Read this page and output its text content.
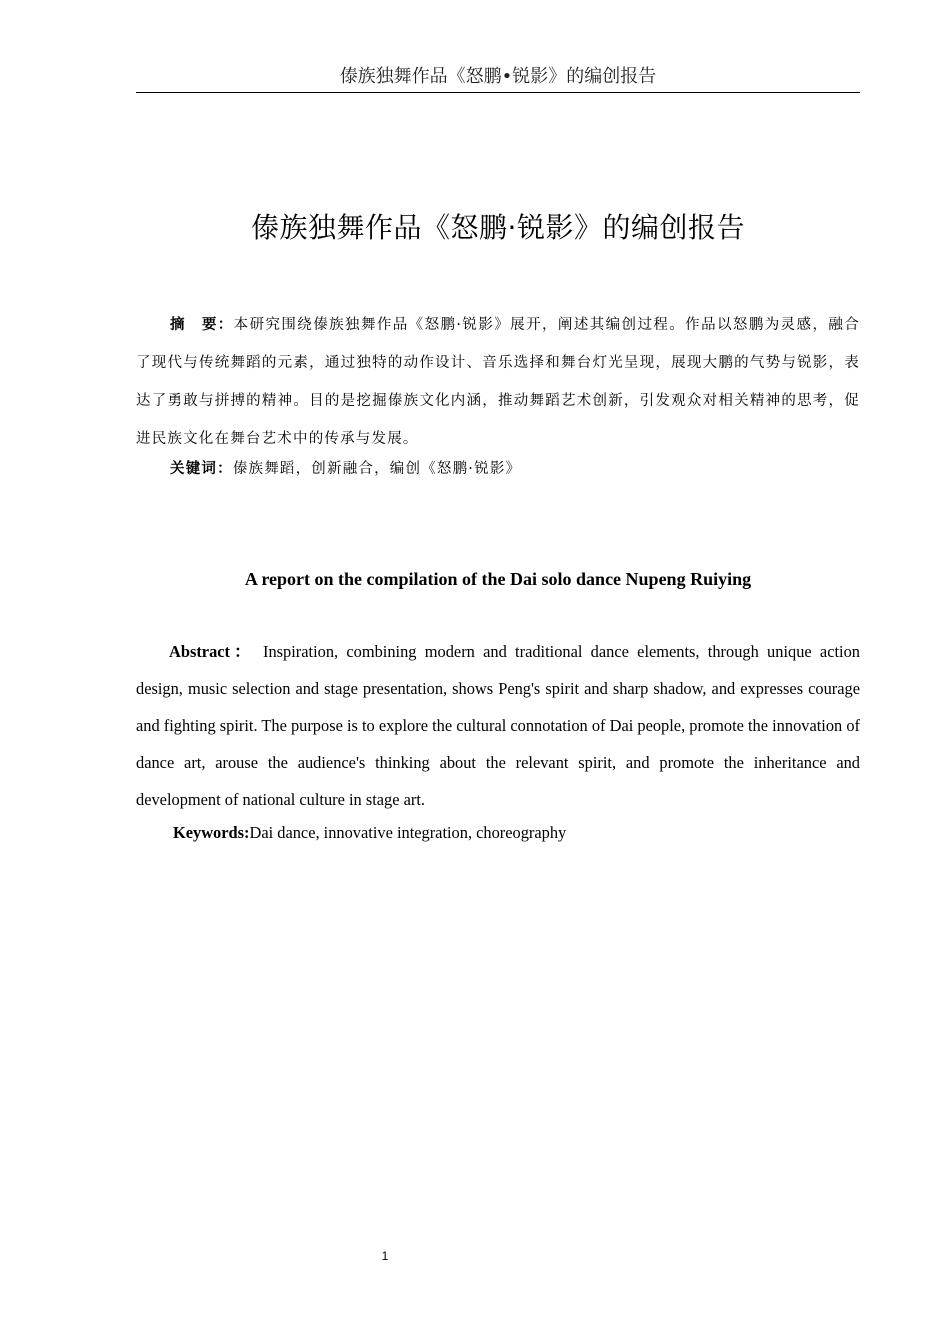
傣族独舞作品《怒鹏•锐影》的编创报告
傣族独舞作品《怒鹏·锐影》的编创报告

摘　要：本研究围绕傣族独舞作品《怒鹏·锐影》展开，阐述其编创过程。作品以怒鹏为灵感，融合了现代与传统舞蹈的元素，通过独特的动作设计、音乐选择和舞台灯光呈现，展现大鹏的气势与锐影，表达了勇敢与拼搏的精神。目的是挖掘傣族文化内涵，推动舞蹈艺术创新，引发观众对相关精神的思考，促进民族文化在舞台艺术中的传承与发展。

关键词：傣族舞蹈，创新融合，编创《怒鹏·锐影》

A report on the compilation of the Dai solo dance Nupeng Ruiying

Abstract： Inspiration, combining modern and traditional dance elements, through unique action design, music selection and stage presentation, shows Peng's spirit and sharp shadow, and expresses courage and fighting spirit. The purpose is to explore the cultural connotation of Dai people, promote the innovation of dance art, arouse the audience's thinking about the relevant spirit, and promote the inheritance and development of national culture in stage art.

Keywords:Dai dance, innovative integration, choreography

1
